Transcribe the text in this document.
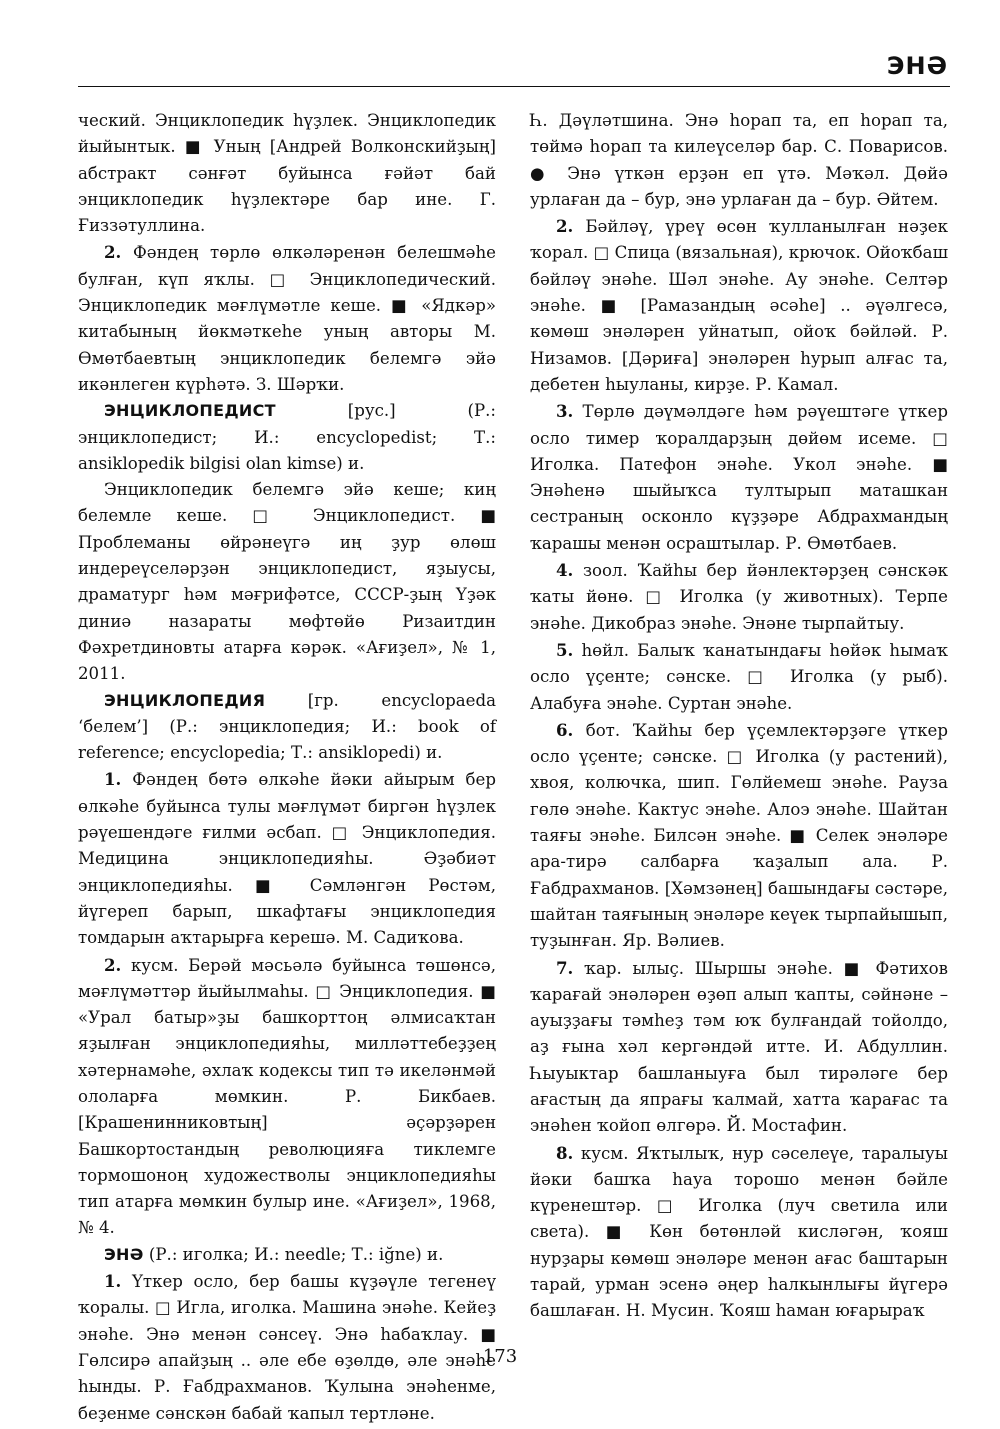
ЭНӘ

ческий. Энциклопедик һүҙлек. Энциклопедик йыйынтык. ■ Уның [Андрей Волконскийҙың] абстракт сәнғәт буйынса ғәйәт бай энциклопедик һүҙлектәре бар ине. Г. Ғиззәтуллина.

2. Фәндең төрлө өлкәләренән белешмәһе булған, күп яҡлы. □ Энциклопедический. Энциклопедик мәғлүмәтле кеше. ■ «Ядкәр» китабының йөкмәткеһе уның авторы М. Өмөтбаевтың энциклопедик белемгә эйә икәнлеген күрһәтә. З. Шәрҡи.

ЭНЦИКЛОПЕДИСТ	[рус.] (Р.: энциклопедист; И.: encyclopedist; Т.: ansiklopedik bilgisi olan kimse) и.

Энциклопедик белемгә эйә кеше; киң белемле кеше. □ Энциклопедист. ■ Проблеманы өйрәнеүгә иң ҙур өлөш индереүселәрҙән энциклопедист, яҙыусы, драматург һәм мәғрифәтсе, СССР-ҙың Үҙәк диниә назараты мөфтөйө Ризаитдин Фәхретдиновты атарға кәрәк. «Ағиҙел», № 1, 2011.

ЭНЦИКЛОПЕДИЯ	[гр. encyclopaeda ‘белем’] (Р.: энциклопедия; И.: book of reference; encyclopedia; Т.: ansiklopedi) и.

1. Фәндең бөтә өлкәһе йәки айырым бер өлкәһе буйынса тулы мәғлүмәт биргән һүҙлек рәүешендәге ғилми әсбап. □ Энциклопедия. Медицина энциклопедияһы. Әҙәбиәт энциклопедияһы. ■ Сәмләнгән Рөстәм, йүгереп барып, шкафтағы энциклопедия томдарын аҡтарырға керешә. М. Садиҡова.

2. кусм. Берәй мәсьәлә буйынса төшөнсә, мәғлүмәттәр йыйылмаһы. □ Энциклопедия. ■ «Урал батыр»ҙы башкорттоң әлмисаҡтан яҙылған энциклопедияһы, милләттебеҙҙең хәтернамәһе, әхлаҡ кодексы тип тә икеләнмәй ололарға мөмкин. Р. Бикбаев. [Крашенинниковтың] әҫәрҙәрен Башкортостандың революцияға тиклемге тормошоноң художестволы энциклопедияһы тип атарға мөмкин булыр ине. «Ағиҙел», 1968, № 4.

ЭНӘ (Р.: иголка; И.: needle; Т.: iğne) и.

1. Үткер осло, бер башы күҙәүле тегенеү ҡоралы. □ Игла, иголка. Машина энәһе. Кейеҙ энәһе. Энә менән сәнсеү. Энә һабаҡлау. ■ Гөлсирә апайҙың .. әле ебе өҙөлдө, әле энәһе һынды. Р. Ғабдрахманов. Ҡулына энәһенме, беҙенме сәнскән бабай ҡапыл тертләне.

Һ. Дәүләтшина. Энә һорап та, еп һорап та, төймә һорап та килеүселәр бар. С. Поварисов. ● Энә үткән ерҙән еп үтә. Мәҡәл. Дөйә урлаған да – бур, энә урлаған да – бур. Әйтем.

2. Бәйләү, үреү өсөн ҡулланылған нәҙек ҡорал. □ Спица (вязальная), крючок. Ойоҡбаш бәйләү энәһе. Шәл энәһе. Ау энәһе. Селтәр энәһе. ■ [Рамазандың әсәһе] .. әүәлгесә, көмөш энәләрен уйнатып, ойоҡ бәйләй. Р. Низамов. [Дәриға] энәләрен һурып алғас та, дебетен һыуланы, кирҙе. Р. Камал.

3. Төрлө дәүмәлдәге һәм рәүештәге үткер осло тимер ҡоралдарҙың дөйөм исеме. □ Иголка. Патефон энәһе. Укол энәһе. ■ Энәһенә шыйыҡса тултырып маташкан сестраның осконло күҙҙәре Абдрахмандың ҡарашы менән осраштылар. Р. Өмөтбаев.

4. зоол. Ҡайһы бер йәнлектәрҙең сәнскәк ҡаты йөнө. □ Иголка (у животных). Терпе энәһе. Дикобраз энәһе. Энәне тырпайтыу.

5. һөйл. Балыҡ ҡанатындағы һөйәк һымаҡ осло үҫенте; сәнске. □ Иголка (у рыб). Алабуға энәһе. Суртан энәһе.

6. бот. Ҡайһы бер үҫемлектәрҙәге үткер осло үҫенте; сәнске. □ Иголка (у растений), хвоя, колючка, шип. Гөлйемеш энәһе. Рауза гөлө энәһе. Кактус энәһе. Алоэ энәһе. Шайтан таяғы энәһе. Билсән энәһе. ■ Селек энәләре ара-тирә салбарға ҡаҙалып ала. Р. Ғабдрахманов. [Хәмзәнең] башындағы сәстәре, шайтан таяғының энәләре кеүек тырпайышып, туҙынған. Яр. Вәлиев.

7. ҡар. ылыҫ. Шыршы энәһе. ■ Фәтихов ҡарағай энәләрен өҙөп алып ҡапты, сәйнәне – ауыҙҙағы тәмһеҙ тәм юҡ булғандай тойолдо, аҙ ғына хәл кергәндәй итте. И. Абдуллин. Һыуыктар башланыуға был тирәләге бер ағастың да япрағы ҡалмай, хатта ҡарағас та энәһен ҡойоп өлгөрә. Й. Мостафин.

8. кусм. Яҡтылыҡ, нур сәселеүе, таралыуы йәки башҡа һауа торошо менән бәйле күренештәр. □ Иголка (луч светила или света). ■ Көн бөтөнләй кисләгән, ҡояш нурҙары көмөш энәләре менән ағас баштарын тарай, урман эсенә әңер һалкынлығы йүгерә башлаған. Н. Мусин. Ҡояш һаман юғарыраҡ

173
